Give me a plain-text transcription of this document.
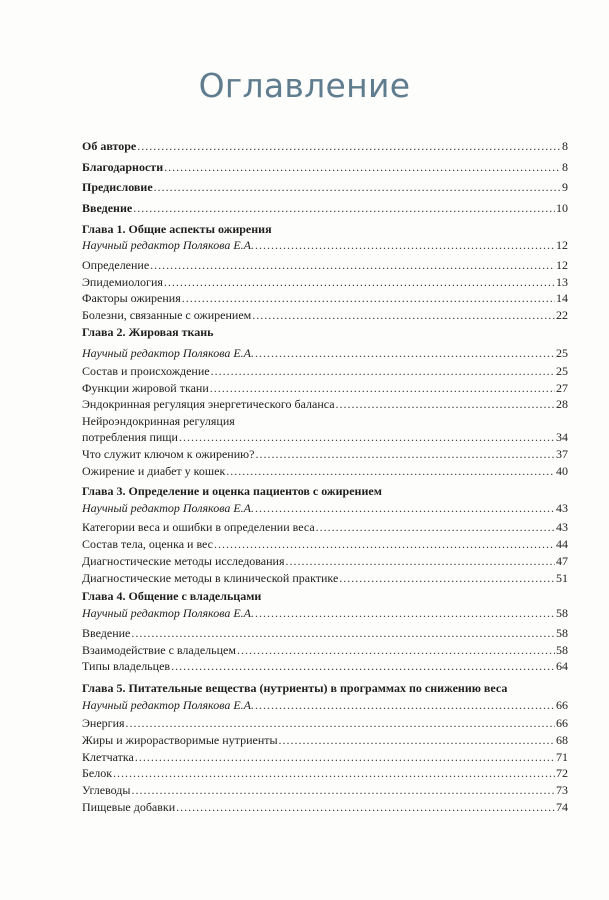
Оглавление
Об авторе .....	8
Благодарности .....	8
Предисловие .....	9
Введение .....	10
Глава 1. Общие аспекты ожирения
Научный редактор Полякова Е.А. .....	12
Определение .....	12
Эпидемиология .....	13
Факторы ожирения .....	14
Болезни, связанные с ожирением .....	22
Глава 2. Жировая ткань
Научный редактор Полякова Е.А. .....	25
Состав и происхождение .....	25
Функции жировой ткани .....	27
Эндокринная регуляция энергетического баланса .....	28
Нейроэндокринная регуляция
потребления пищи .....	34
Что служит ключом к ожирению? .....	37
Ожирение и диабет у кошек .....	40
Глава 3. Определение и оценка пациентов с ожирением
Научный редактор Полякова Е.А. .....	43
Категории веса и ошибки в определении веса .....	43
Состав тела, оценка и вес .....	44
Диагностические методы исследования .....	47
Диагностические методы в клинической практике .....	51
Глава 4. Общение с владельцами
Научный редактор Полякова Е.А. .....	58
Введение .....	58
Взаимодействие с владельцем .....	58
Типы владельцев .....	64
Глава 5. Питательные вещества (нутриенты) в программах по снижению веса
Научный редактор Полякова Е.А. .....	66
Энергия .....	66
Жиры и жирорастворимые нутриенты .....	68
Клетчатка .....	71
Белок .....	72
Углеводы .....	73
Пищевые добавки .....	74
